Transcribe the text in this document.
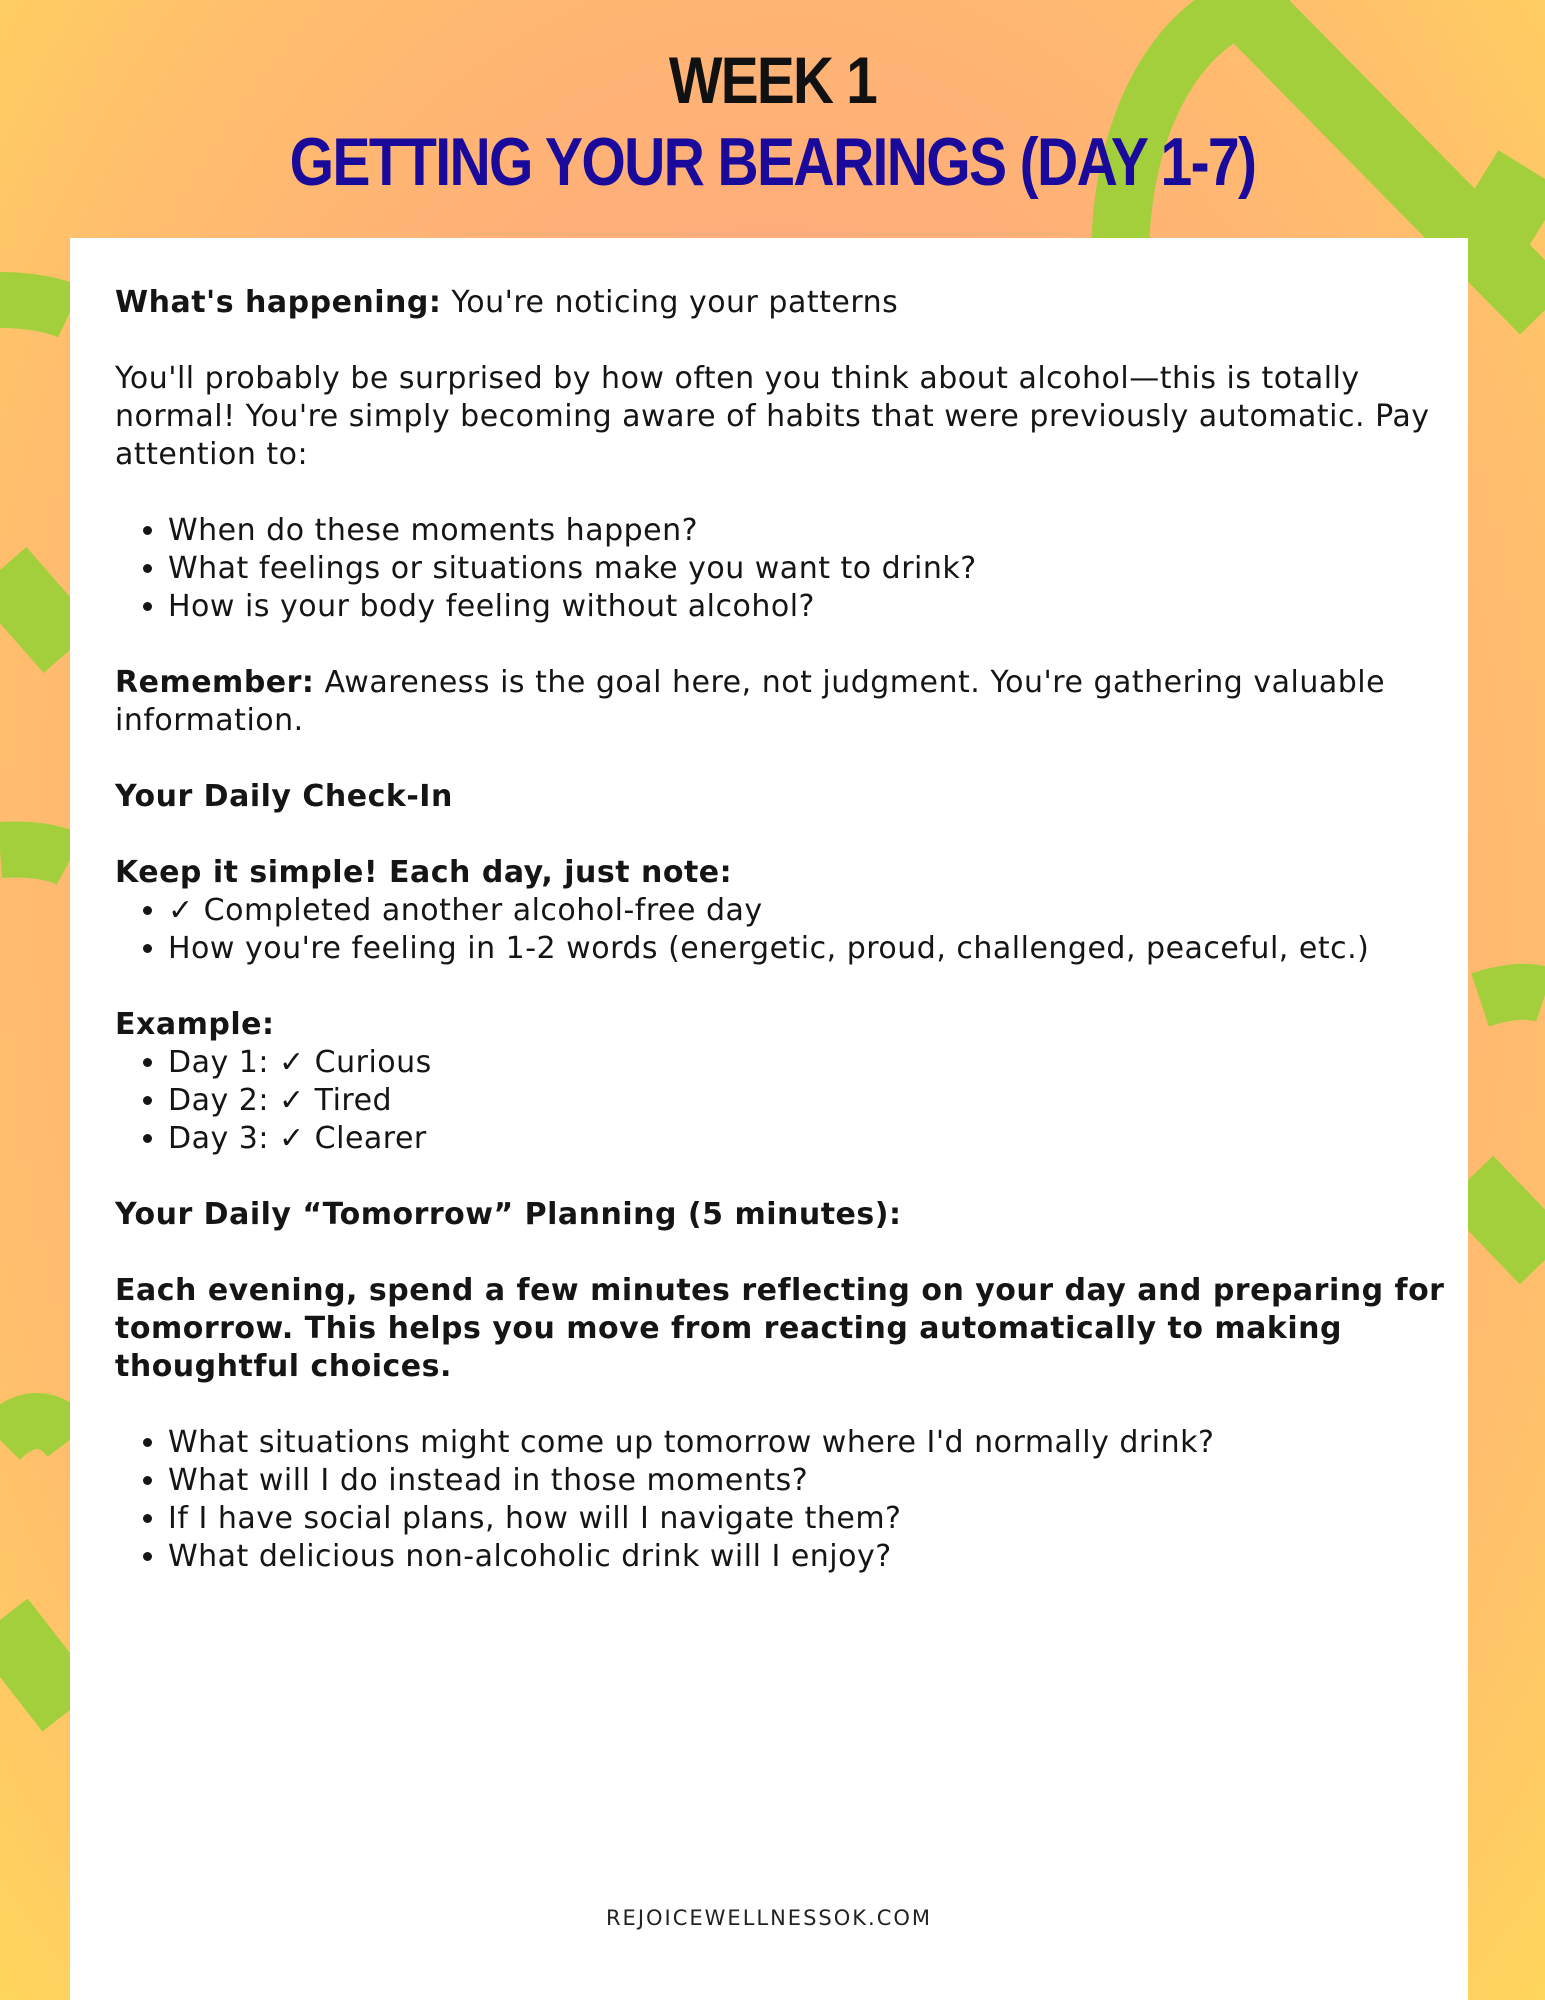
WEEK 1
GETTING YOUR BEARINGS (DAY 1-7)

What's happening: You're noticing your patterns

You'll probably be surprised by how often you think about alcohol—this is totally normal! You're simply becoming aware of habits that were previously automatic. Pay attention to:

• When do these moments happen?
• What feelings or situations make you want to drink?
• How is your body feeling without alcohol?

Remember: Awareness is the goal here, not judgment. You're gathering valuable information.

Your Daily Check-In

Keep it simple! Each day, just note:

• ✓ Completed another alcohol-free day
• How you're feeling in 1-2 words (energetic, proud, challenged, peaceful, etc.)

Example:

• Day 1: ✓ Curious
• Day 2: ✓ Tired
• Day 3: ✓ Clearer

Your Daily “Tomorrow” Planning (5 minutes):

Each evening, spend a few minutes reflecting on your day and preparing for tomorrow. This helps you move from reacting automatically to making thoughtful choices.

• What situations might come up tomorrow where I'd normally drink?
• What will I do instead in those moments?
• If I have social plans, how will I navigate them?
• What delicious non-alcoholic drink will I enjoy?
REJOICEWELLNESSOK.COM
